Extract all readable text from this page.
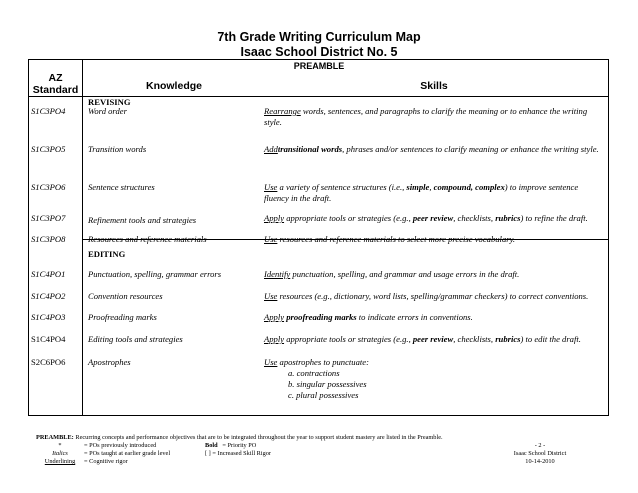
7th Grade Writing Curriculum Map
Isaac School District No. 5
PREAMBLE
AZ
Standard	Knowledge	Skills
REVISING
EDITING
S1C3PO4	Word order	Rearrange words, sentences, and paragraphs to clarify the meaning or to enhance the writing style.
S1C3PO5	Transition words	Addtransitional words, phrases and/or sentences to clarify meaning or enhance the writing style.
S1C3PO6	Sentence structures	Use a variety of sentence structures (i.e., simple, compound, complex) to improve sentence fluency in the draft.
S1C3PO7	Refinement tools and strategies	Apply appropriate tools or strategies (e.g., peer review, checklists, rubrics) to refine the draft.
S1C3PO8	Resources and reference materials	Use resources and reference materials to select more precise vocabulary.
S1C4PO1	Punctuation, spelling, grammar errors	Identify punctuation, spelling, and grammar and usage errors in the draft.
S1C4PO2	Convention resources	Use resources (e.g., dictionary, word lists, spelling/grammar checkers) to correct conventions.
S1C4PO3	Proofreading marks	Apply proofreading marks to indicate errors in conventions.
S1C4PO4	Editing tools and strategies	Apply appropriate tools or strategies (e.g., peer review, checklists, rubrics) to edit the draft.
S2C6PO6	Apostrophes	Use apostrophes to punctuate:
a. contractions
b. singular possessives
c. plural possessives
PREAMBLE: Recurring concepts and performance objectives that are to be integrated throughout the year to support student mastery are listed in the Preamble.
*
Italics
Underlining
= POs previously introduced
= POs taught at earlier grade level
= Cognitive rigor
Bold = Priority PO
[ ] = Increased Skill Rigor
- 2 -
Isaac School District
10-14-2010
